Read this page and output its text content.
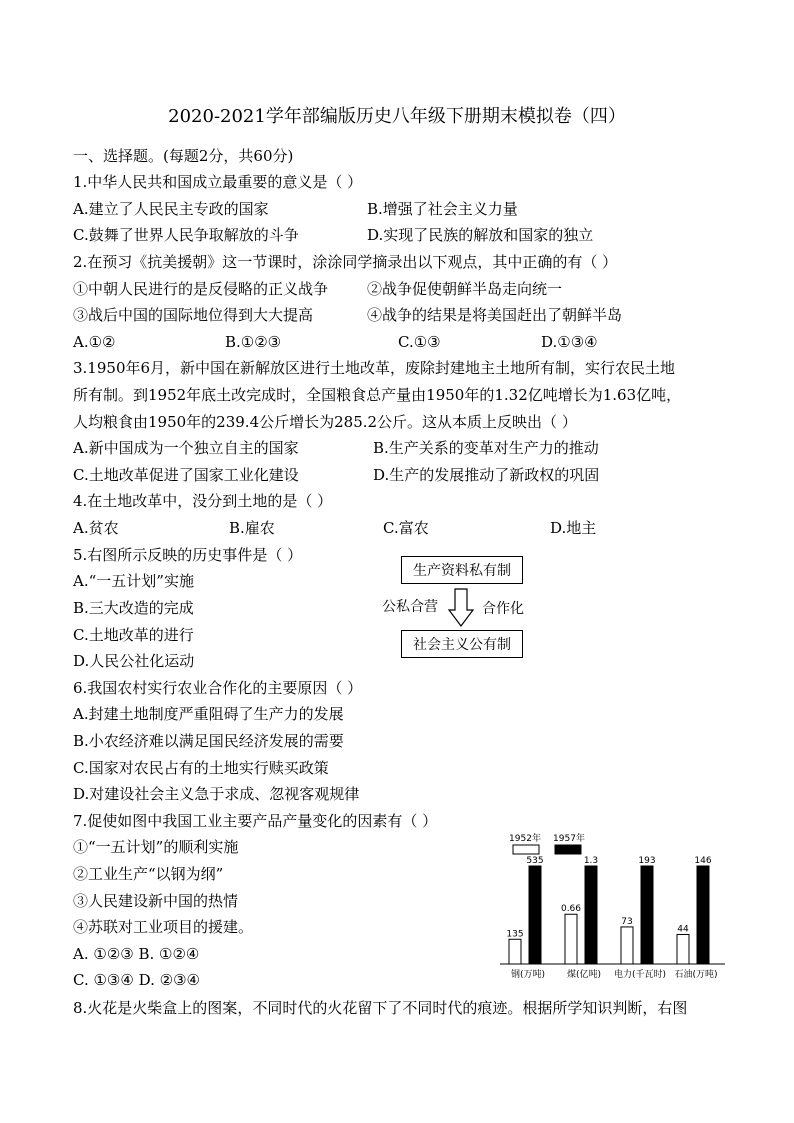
2020-2021学年部编版历史八年级下册期末模拟卷（四）
一、选择题。(每题2分，共60分)
1.中华人民共和国成立最重要的意义是（ ）
A.建立了人民民主专政的国家	B.增强了社会主义力量
C.鼓舞了世界人民争取解放的斗争	D.实现了民族的解放和国家的独立
2.在预习《抗美援朝》这一节课时，涂涂同学摘录出以下观点，其中正确的有（ ）
①中朝人民进行的是反侵略的正义战争	②战争促使朝鲜半岛走向统一
③战后中国的国际地位得到大大提高	④战争的结果是将美国赶出了朝鲜半岛
A.①②	B.①②③	C.①③	D.①③④
3.1950年6月，新中国在新解放区进行土地改革，废除封建地主土地所有制，实行农民土地
所有制。到1952年底土改完成时，全国粮食总产量由1950年的1.32亿吨增长为1.63亿吨，
人均粮食由1950年的239.4公斤增长为285.2公斤。这从本质上反映出（ ）
A.新中国成为一个独立自主的国家	B.生产关系的变革对生产力的推动
C.土地改革促进了国家工业化建设	D.生产的发展推动了新政权的巩固
4.在土地改革中，没分到土地的是（ ）
A.贫农	B.雇农	C.富农	D.地主
5.右图所示反映的历史事件是（ ）
A.“一五计划”实施
B.三大改造的完成
C.土地改革的进行
D.人民公社化运动
生产资料私有制
公私合营	合作化
社会主义公有制
6.我国农村实行农业合作化的主要原因（ ）
A.封建土地制度严重阻碍了生产力的发展
B.小农经济难以满足国民经济发展的需要
C.国家对农民占有的土地实行赎买政策
D.对建设社会主义急于求成、忽视客观规律
7.促使如图中我国工业主要产品产量变化的因素有（ ）
①“一五计划”的顺利实施
②工业生产“以钢为纲”
③人民建设新中国的热情
④苏联对工业项目的援建。
A. ①②③ B. ①②④
C. ①③④ D. ②③④
1952年 1957年
135
535
钢(万吨)
0.66
1.3
煤(亿吨)
73
193
电力(千瓦时)
44
146
石油(万吨)
8.火花是火柴盒上的图案，不同时代的火花留下了不同时代的痕迹。根据所学知识判断，右图
